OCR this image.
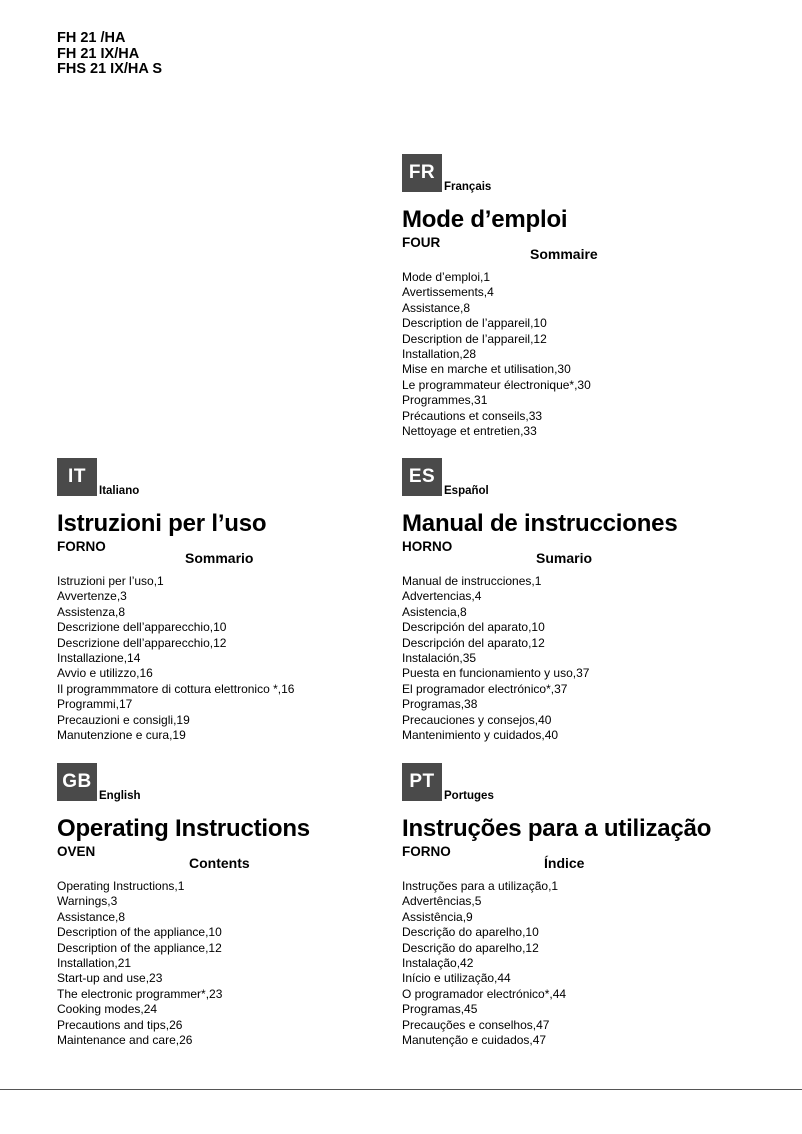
FH 21 /HA
FH 21 IX/HA
FHS 21 IX/HA S
FR
Français
Mode d’emploi
FOUR
Sommaire
Mode d’emploi,1
Avertissements,4
Assistance,8
Description de l’appareil,10
Description de l’appareil,12
Installation,28
Mise en marche et utilisation,30
Le programmateur électronique*,30
Programmes,31
Précautions et conseils,33
Nettoyage et entretien,33
IT
Italiano
Istruzioni per l’uso
FORNO
Sommario
Istruzioni per l’uso,1
Avvertenze,3
Assistenza,8
Descrizione dell’apparecchio,10
Descrizione dell’apparecchio,12
Installazione,14
Avvio e utilizzo,16
Il programmmatore di cottura elettronico *,16
Programmi,17
Precauzioni e consigli,19
Manutenzione e cura,19
ES
Español
Manual de instrucciones
HORNO
Sumario
Manual de instrucciones,1
Advertencias,4
Asistencia,8
Descripción del aparato,10
Descripción del aparato,12
Instalación,35
Puesta en funcionamiento y uso,37
El programador electrónico*,37
Programas,38
Precauciones y consejos,40
Mantenimiento y cuidados,40
GB
English
Operating Instructions
OVEN
Contents
Operating Instructions,1
Warnings,3
Assistance,8
Description of the appliance,10
Description of the appliance,12
Installation,21
Start-up and use,23
The electronic programmer*,23
Cooking modes,24
Precautions and tips,26
Maintenance and care,26
PT
Portuges
Instruções para a utilização
FORNO
Índice
Instruções para a utilização,1
Advertências,5
Assistência,9
Descrição do aparelho,10
Descrição do aparelho,12
Instalação,42
Início e utilização,44
O programador electrónico*,44
Programas,45
Precauções e conselhos,47
Manutenção e cuidados,47
